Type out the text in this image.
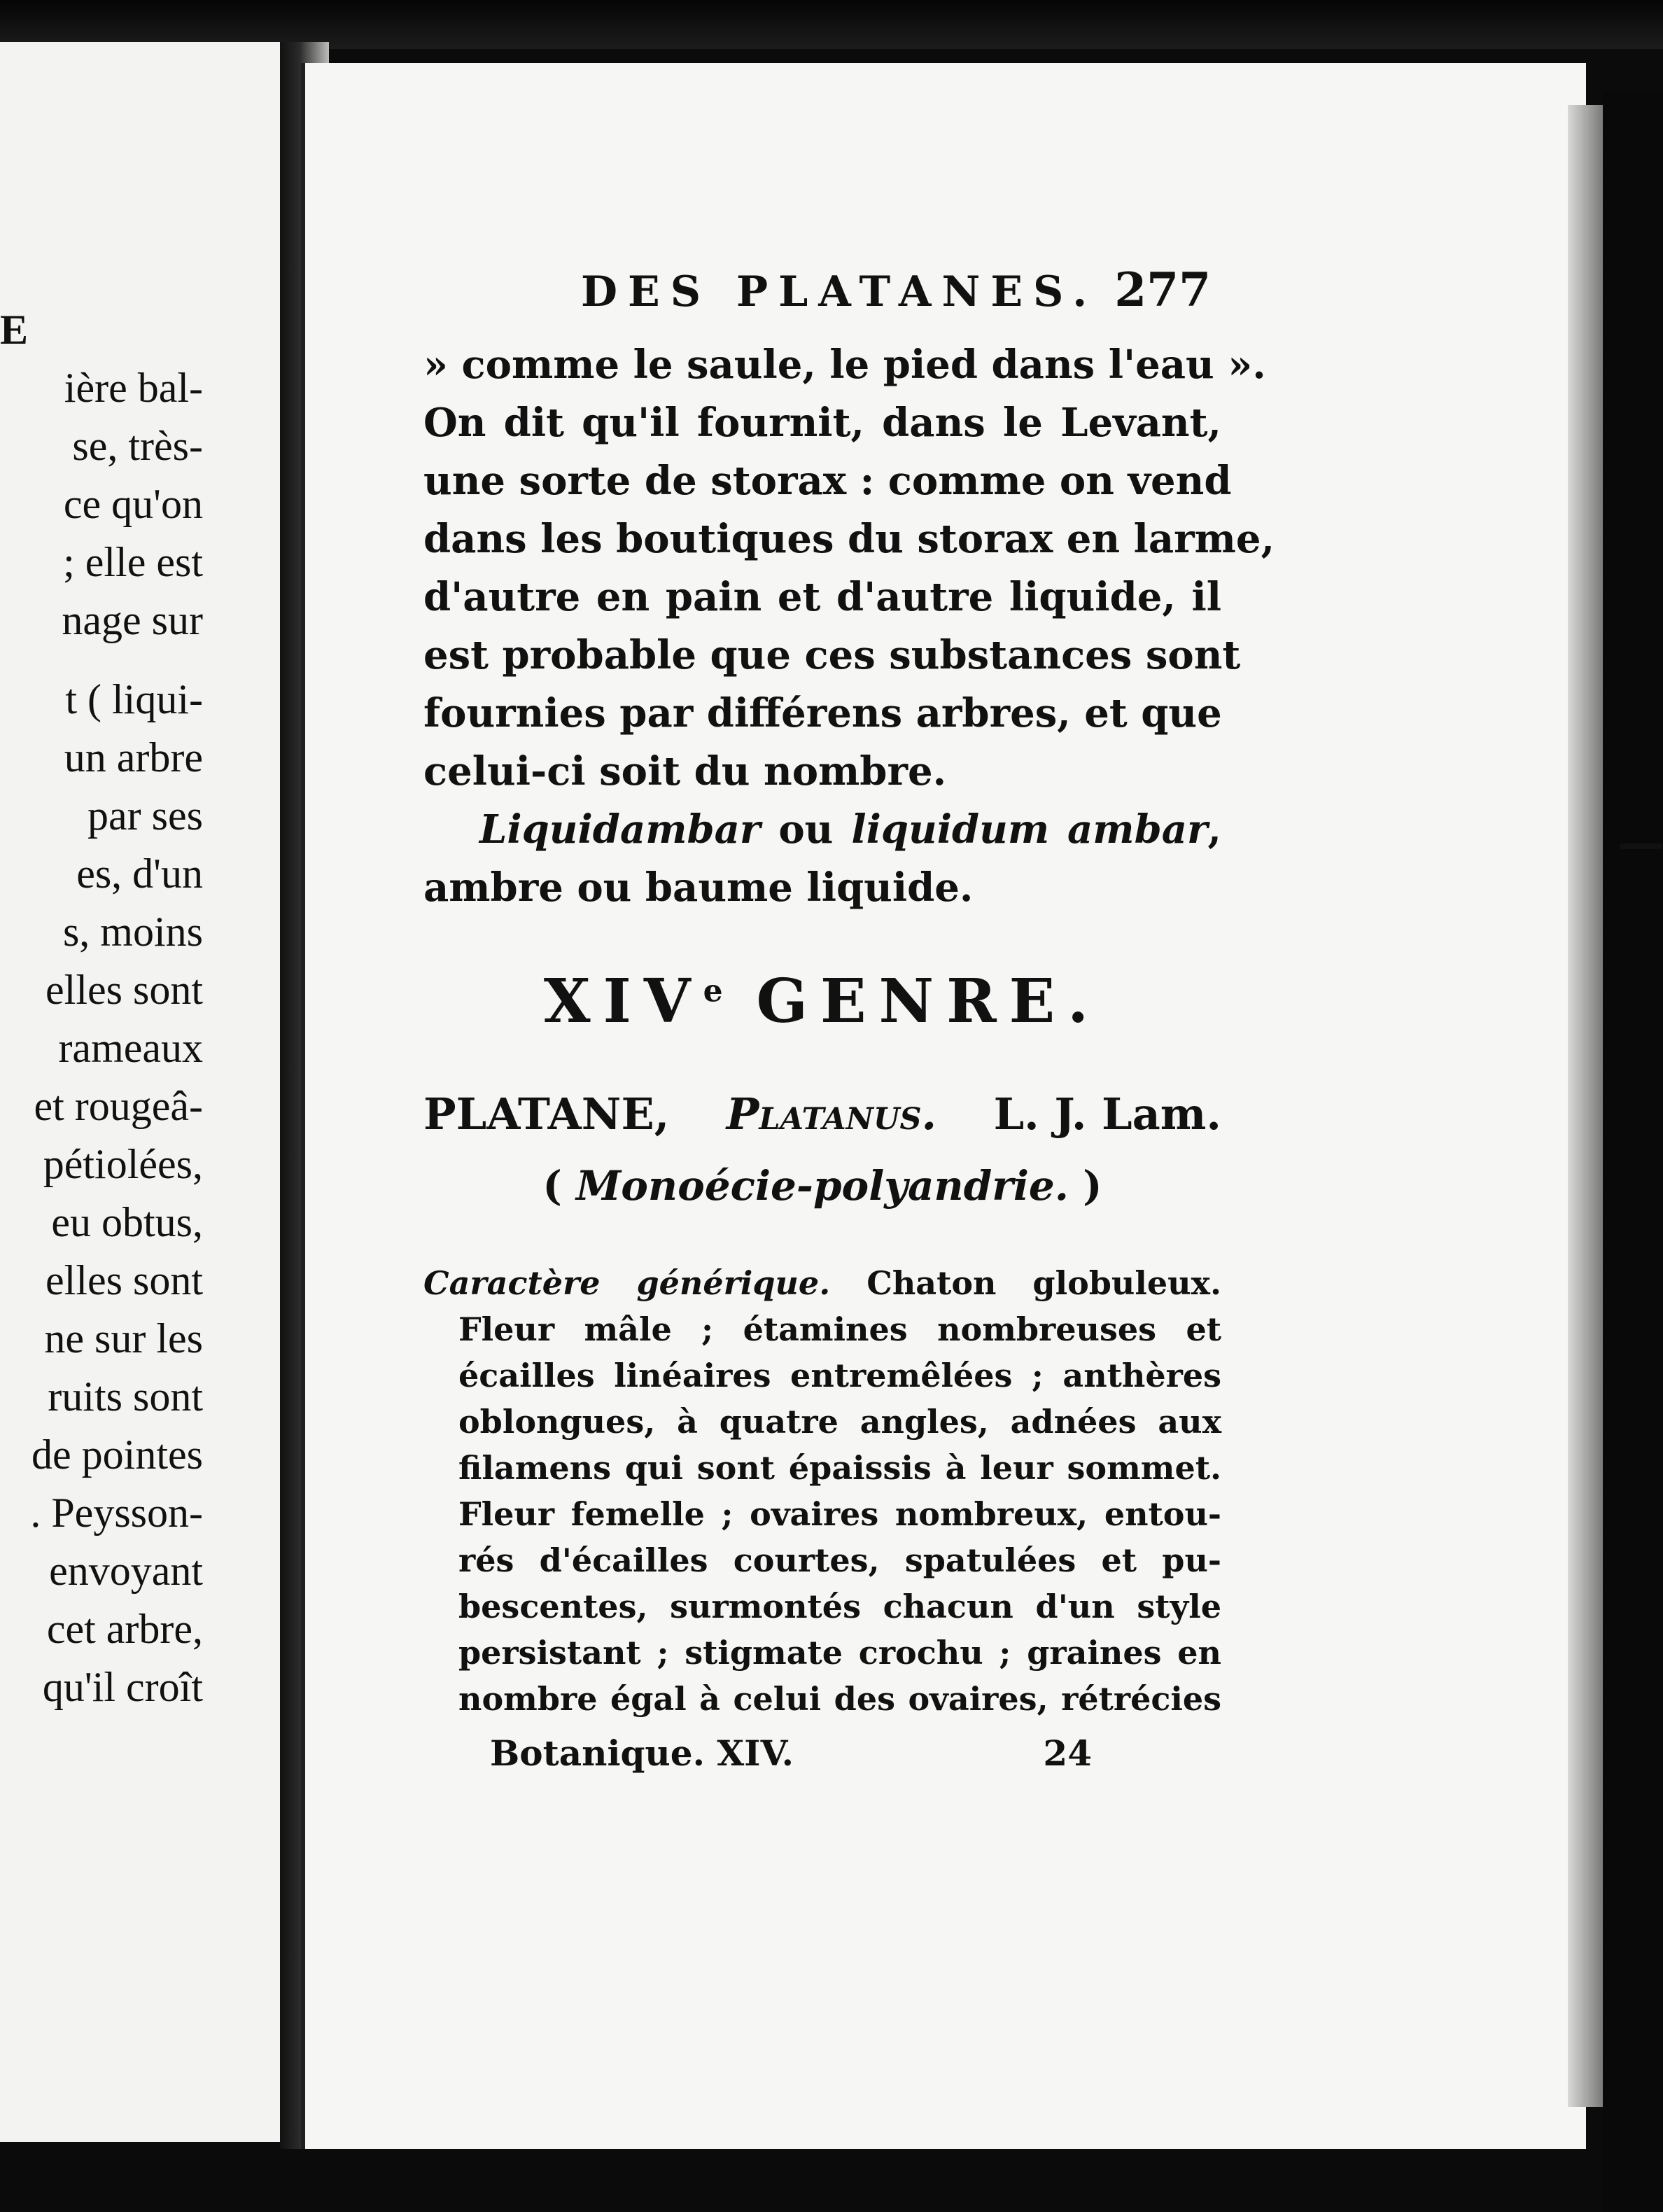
E
ière bal-
se, très-
ce qu'on
; elle est
nage sur
t ( liqui-
un arbre
par ses
es, d'un
s, moins
elles sont
rameaux
et rougeâ-
pétiolées,
eu obtus,
elles sont
ne sur les
ruits sont
de pointes
. Peysson-
envoyant
cet arbre,
qu'il croît
DES PLATANES. 277
» comme le saule, le pied dans l'eau ».
On dit qu'il fournit, dans le Levant,
une sorte de storax : comme on vend
dans les boutiques du storax en larme,
d'autre en pain et d'autre liquide, il
est probable que ces substances sont
fournies par différens arbres, et que
celui-ci soit du nombre.
Liquidambar ou liquidum ambar,
ambre ou baume liquide.
XIVe GENRE.
PLATANE, Platanus. L. J. Lam.
( Monoécie-polyandrie. )
Caractère générique. Chaton globuleux.
Fleur mâle ; étamines nombreuses et
écailles linéaires entremêlées ; anthères
oblongues, à quatre angles, adnées aux
filamens qui sont épaissis à leur sommet.
Fleur femelle ; ovaires nombreux, entou-
rés d'écailles courtes, spatulées et pu-
bescentes, surmontés chacun d'un style
persistant ; stigmate crochu ; graines en
nombre égal à celui des ovaires, rétrécies
Botanique. XIV.	24
